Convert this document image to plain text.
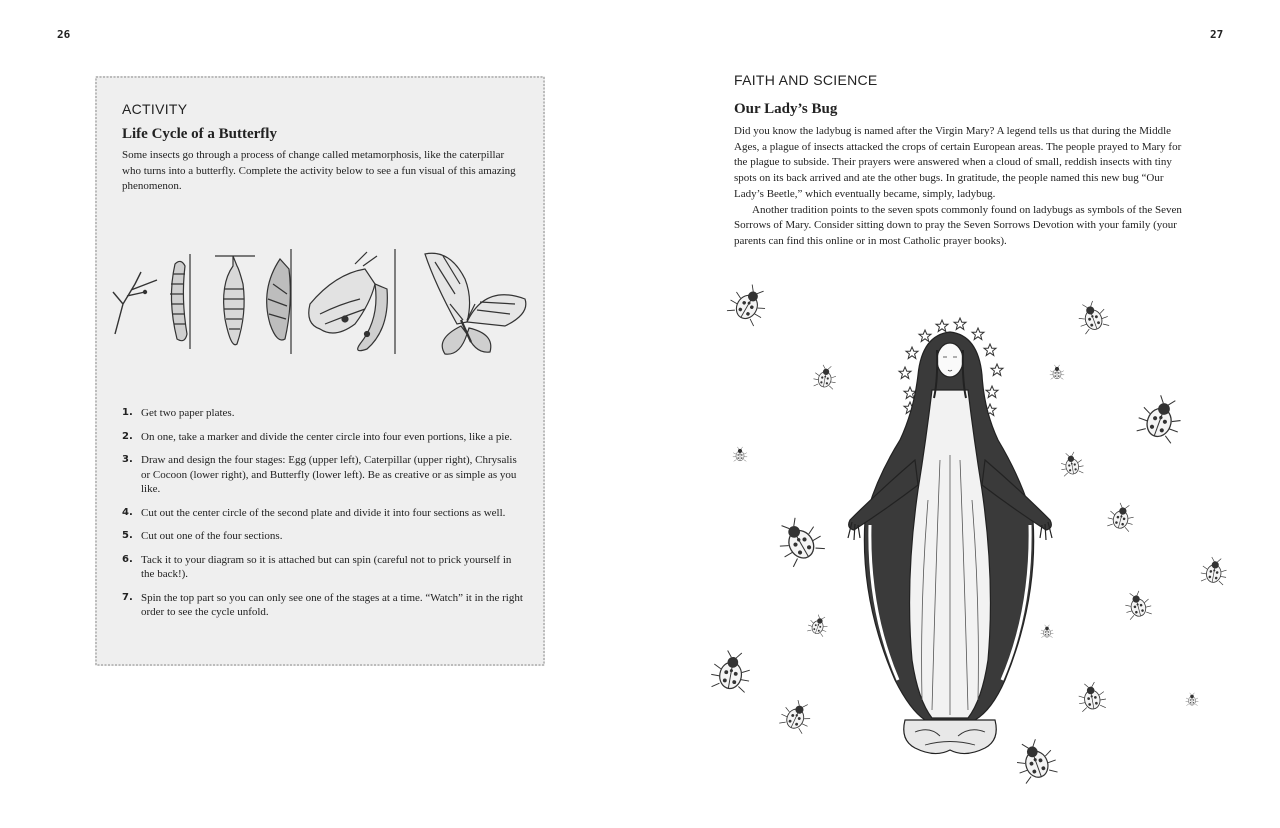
26
ACTIVITY
Life Cycle of a Butterfly
Some insects go through a process of change called metamorphosis, like the caterpillar who turns into a butterfly. Complete the activity below to see a fun visual of this amazing phenomenon.
1. Get two paper plates.
2. On one, take a marker and divide the center circle into four even portions, like a pie.
3. Draw and design the four stages: Egg (upper left), Caterpillar (upper right), Chrysalis or Cocoon (lower right), and Butterfly (lower left). Be as creative or as simple as you like.
4. Cut out the center circle of the second plate and divide it into four sections as well.
5. Cut out one of the four sections.
6. Tack it to your diagram so it is attached but can spin (careful not to prick yourself in the back!).
7. Spin the top part so you can only see one of the stages at a time. “Watch” it in the right order to see the cycle unfold.
27
FAITH AND SCIENCE
Our Lady’s Bug

Did you know the ladybug is named after the Virgin Mary? A legend tells us that during the Middle Ages, a plague of insects attacked the crops of certain European areas. The people prayed to Mary for the plague to subside. Their prayers were answered when a cloud of small, reddish insects with tiny spots on its back arrived and ate the other bugs. In gratitude, the people named this new bug “Our Lady’s Beetle,” which eventually became, simply, ladybug.

Another tradition points to the seven spots commonly found on ladybugs as symbols of the Seven Sorrows of Mary. Consider sitting down to pray the Seven Sorrows Devotion with your family (your parents can find this online or in most Catholic prayer books).
